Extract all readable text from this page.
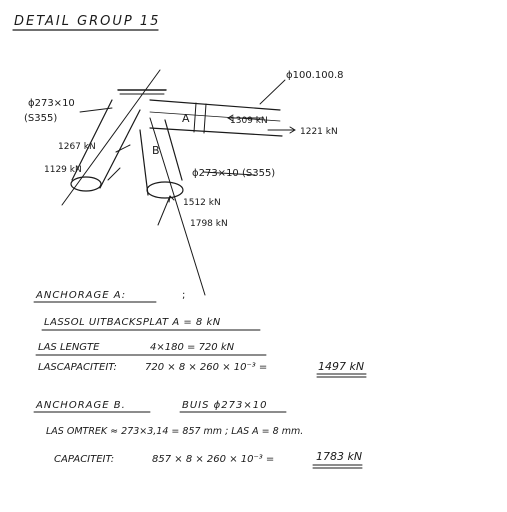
DETAIL GROUP 15
B
A
ϕ100.100.8
ϕ273×10
(S355)
ϕ273×10 (S355)
1309 kN
1221 kN
1267 kN
1129 kN
1512 kN
1798 kN
ANCHORAGE A:	;
LASSOL UITBACKSPLAT A = 8 kN
LAS LENGTE	4×180 = 720 kN
LASCAPACITEIT:	720 × 8 × 260 × 10⁻³ =	1497 kN
ANCHORAGE B.	BUIS ϕ273×10
LAS OMTREK ≈ 273×3,14 = 857 mm ; LAS A = 8 mm.
CAPACITEIT:	857 × 8 × 260 × 10⁻³ =	1783 kN
